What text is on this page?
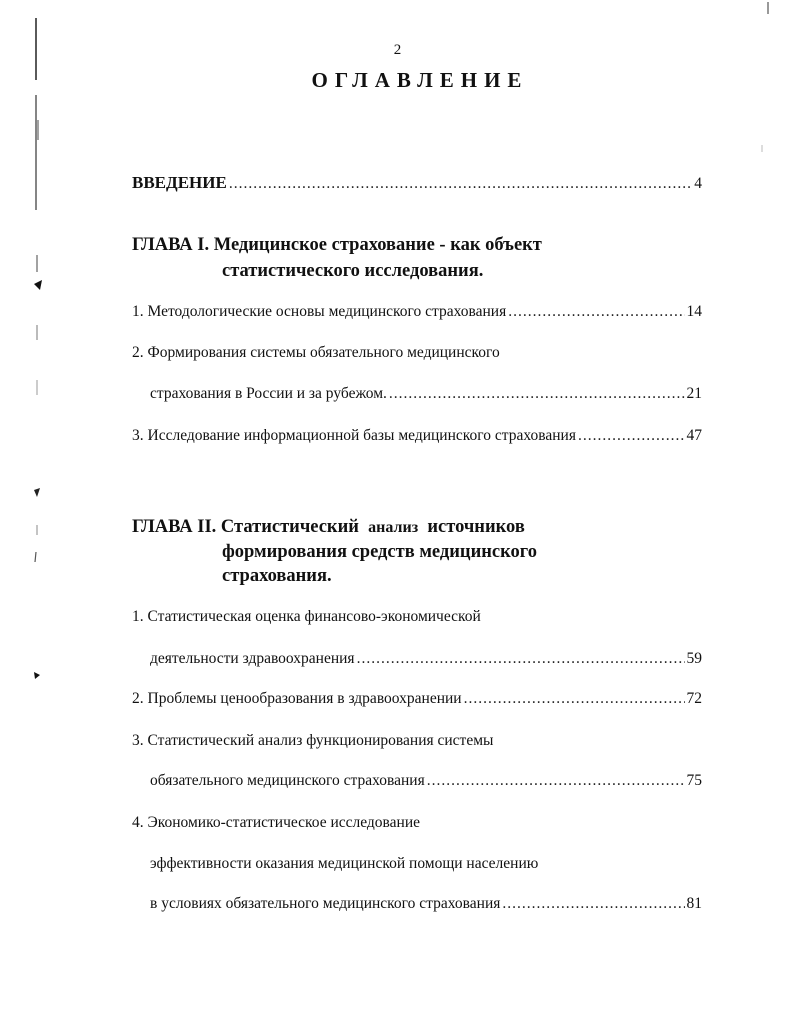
2
ОГЛАВЛЕНИЕ
ВВЕДЕНИЕ .....	4
ГЛАВА I. Медицинское страхование - как объект
статистического исследования.
1. Методологические основы медицинского страхования .....	14
2. Формирования системы обязательного медицинского
страхования в России и за рубежом. .....	21
3. Исследование информационной базы медицинского страхования .....	47
ГЛАВА II. Статистический анализ источников
формирования средств медицинского
страхования.
1. Статистическая оценка финансово-экономической
деятельности здравоохранения .....	59
2. Проблемы ценообразования в здравоохранении .....	72
3. Статистический анализ функционирования системы
обязательного медицинского страхования .....	75
4. Экономико-статистическое исследование
эффективности оказания медицинской помощи населению
в условиях обязательного медицинского страхования .....	81
